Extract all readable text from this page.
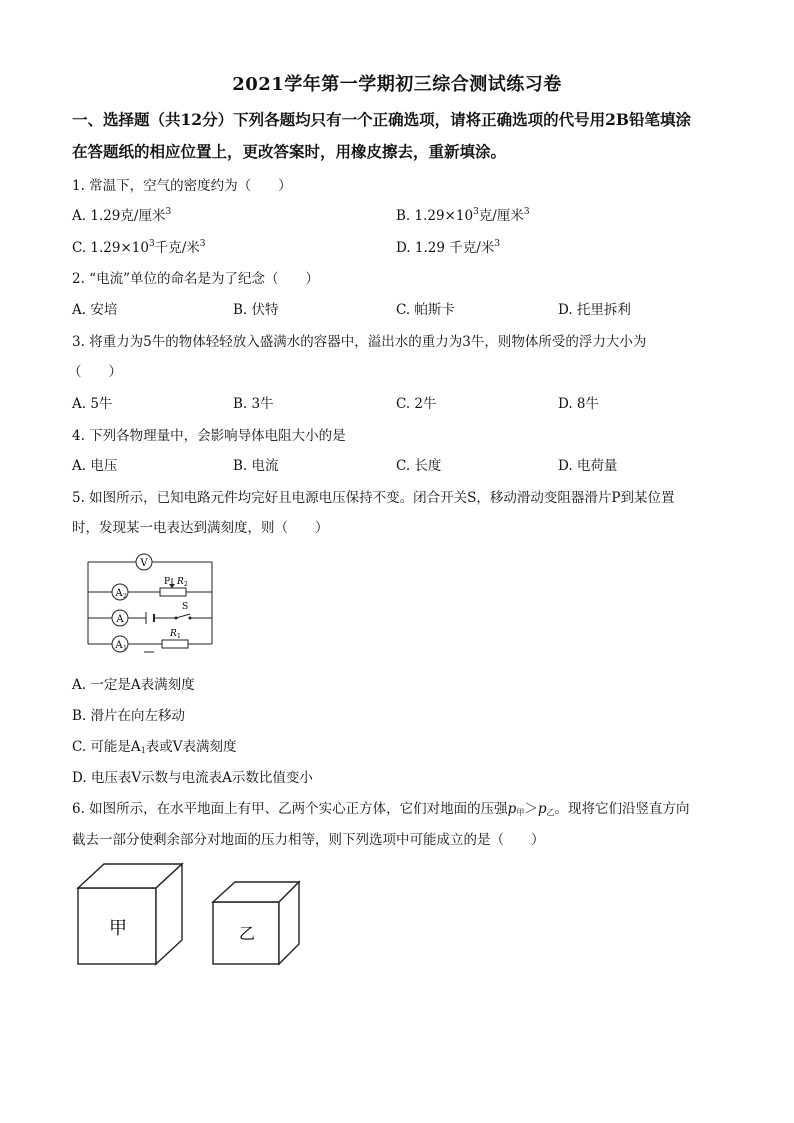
2021学年第一学期初三综合测试练习卷
一、选择题（共12分）下列各题均只有一个正确选项，请将正确选项的代号用2B铅笔填涂
在答题纸的相应位置上，更改答案时，用橡皮擦去，重新填涂。
1. 常温下，空气的密度约为（　　）
A. 1.29克/厘米$^3$	B. $1.29\times 10^3$克/厘米$^3$
C. $1.29\times 10^3$千克/米$^3$	D. 1.29 千克/米$^3$
2. “电流”单位的命名是为了纪念（　　）
A. 安培	B. 伏特	C. 帕斯卡	D. 托里拆利
3. 将重力为5牛的物体轻轻放入盛满水的容器中，溢出水的重力为3牛，则物体所受的浮力大小为
（　　）
A. 5牛	B. 3牛	C. 2牛	D. 8牛
4. 下列各物理量中，会影响导体电阻大小的是
A. 电压	B. 电流	C. 长度	D. 电荷量
5. 如图所示，已知电路元件均完好且电源电压保持不变。闭合开关S，移动滑动变阻器滑片P到某位置
时，发现某一电表达到满刻度，则（　　）
V
A 2
P R 2
A
S
A 1
R 1
A. 一定是A表满刻度
B. 滑片在向左移动
C. 可能是$A_1$表或V表满刻度
D. 电压表V示数与电流表A示数比值变小
6. 如图所示，在水平地面上有甲、乙两个实心正方体，它们对地面的压强$p_甲>p_乙$。现将它们沿竖直方向
截去一部分使剩余部分对地面的压力相等，则下列选项中可能成立的是（　　）
甲	乙
